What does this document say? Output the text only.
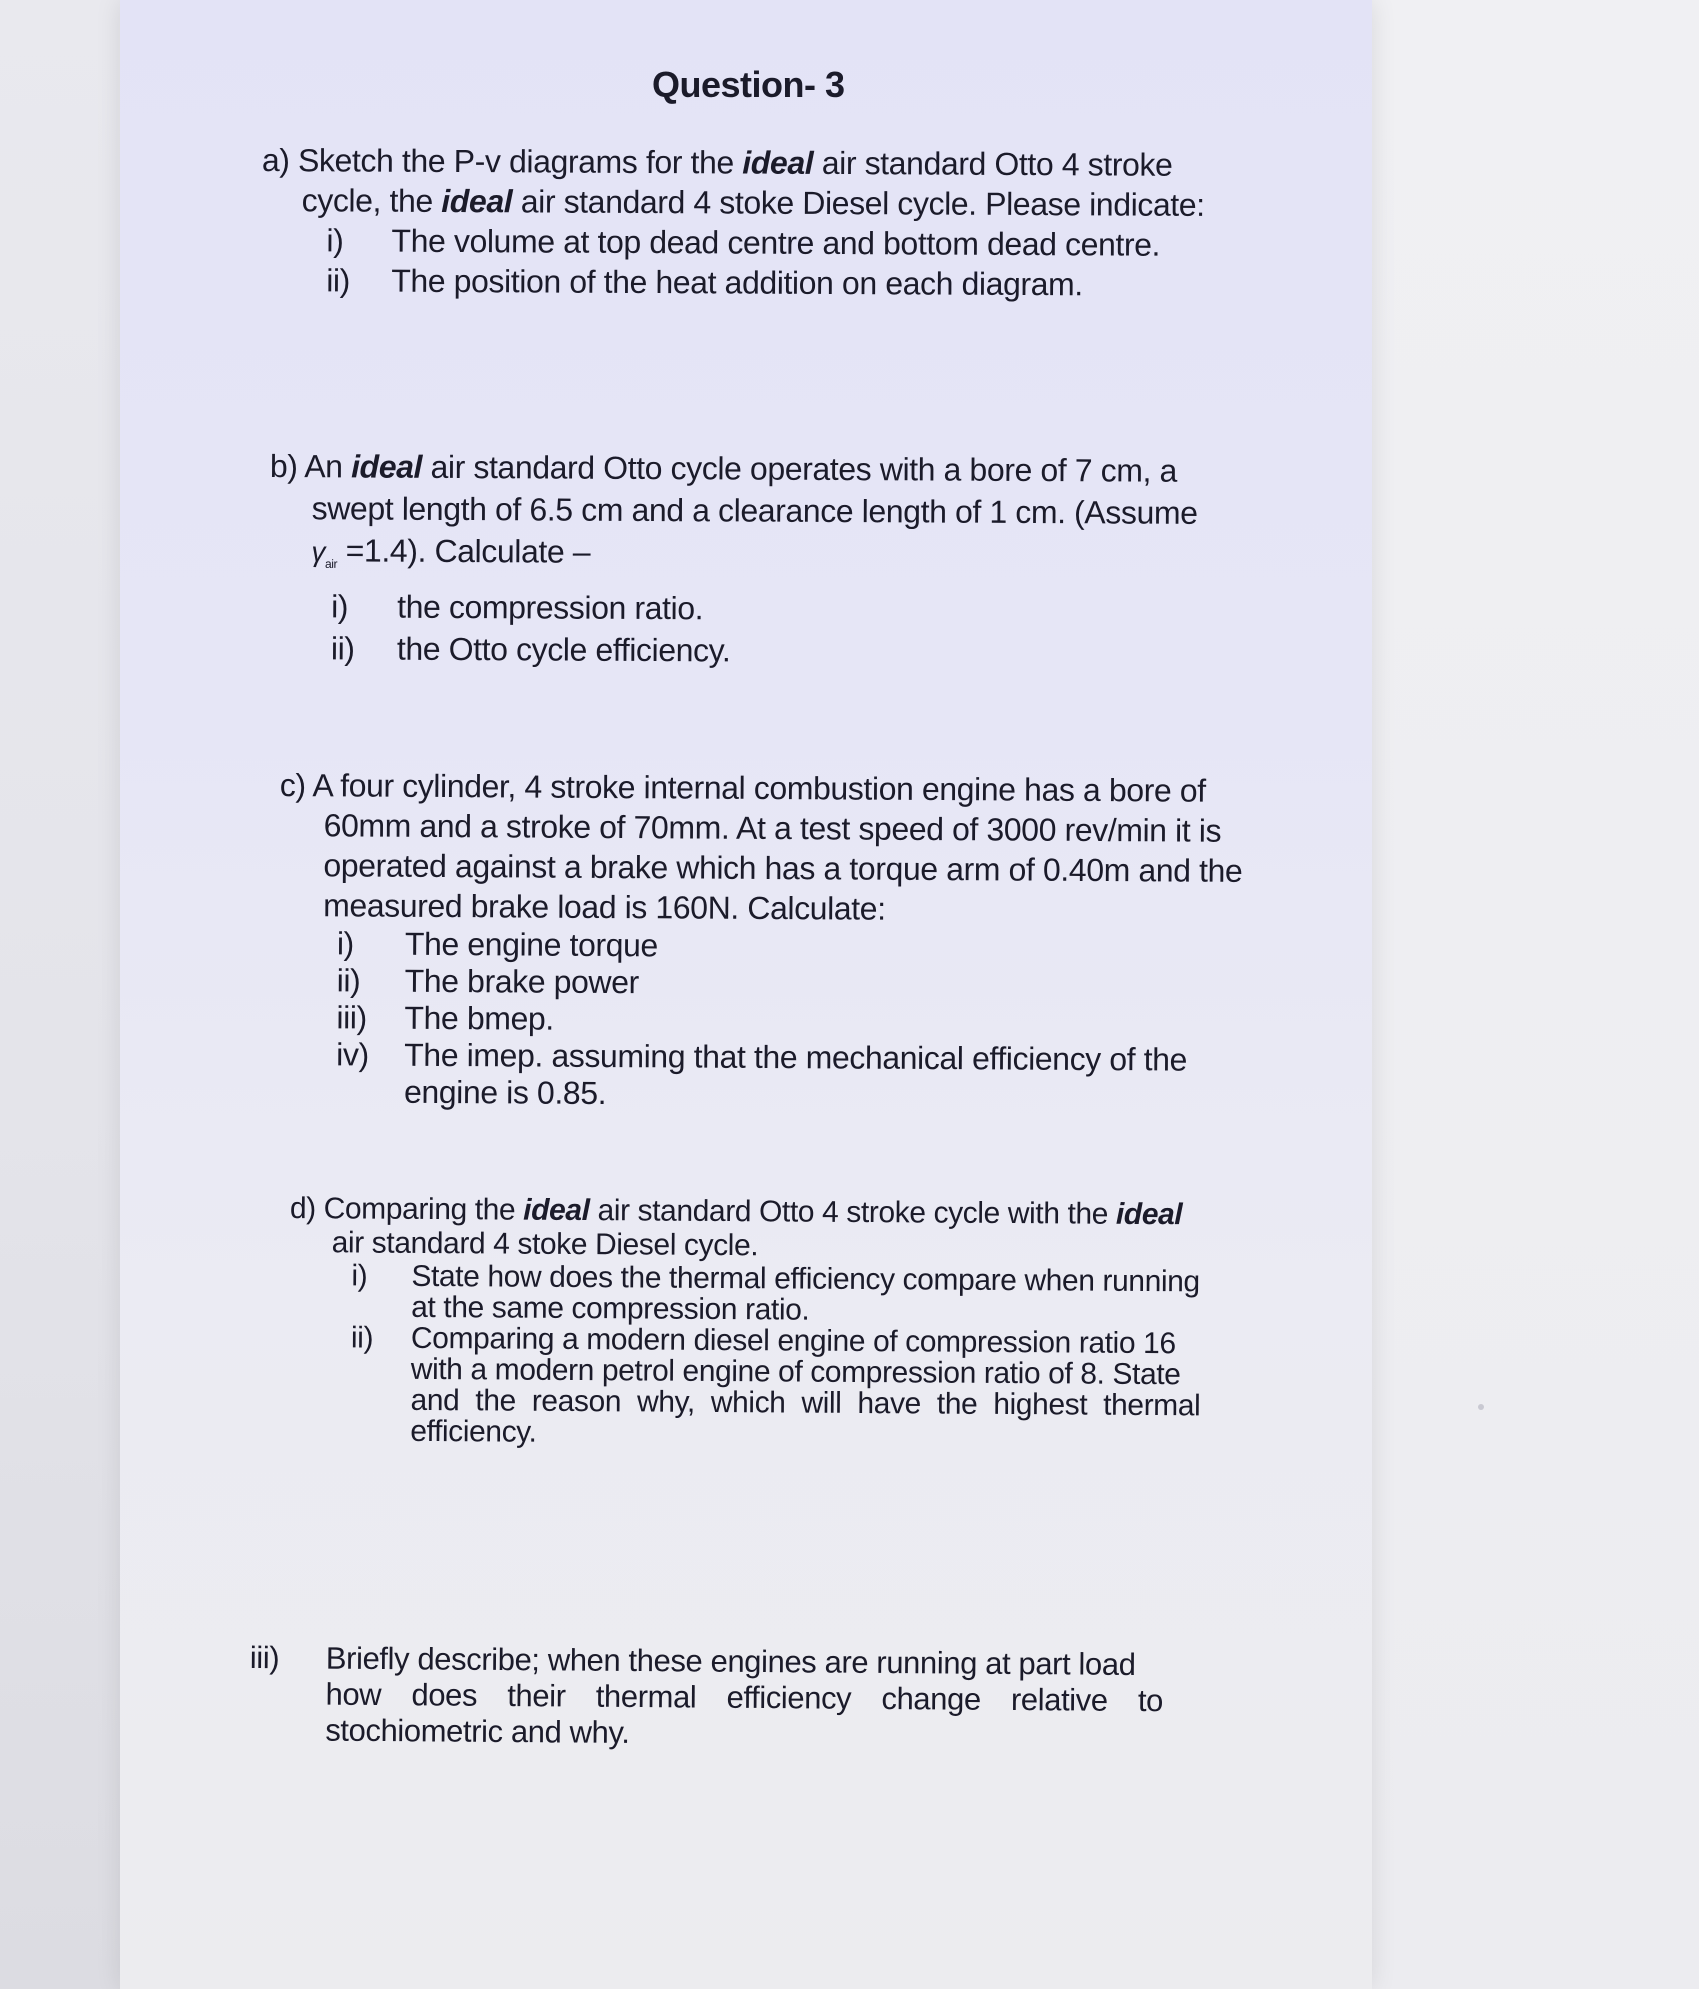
Question- 3
a) Sketch the P-v diagrams for the ideal air standard Otto 4 stroke
cycle, the ideal air standard 4 stoke Diesel cycle. Please indicate:
i)	The volume at top dead centre and bottom dead centre.
ii)	The position of the heat addition on each diagram.
b) An ideal air standard Otto cycle operates with a bore of 7 cm, a
swept length of 6.5 cm and a clearance length of 1 cm. (Assume
$\gamma_{air} =1.4$). Calculate –
i)	the compression ratio.
ii)	the Otto cycle efficiency.
c) A four cylinder, 4 stroke internal combustion engine has a bore of
60mm and a stroke of 70mm. At a test speed of 3000 rev/min it is
operated against a brake which has a torque arm of 0.40m and the
measured brake load is 160N. Calculate:
i)	The engine torque
ii)	The brake power
iii)	The bmep.
iv)	The imep. assuming that the mechanical efficiency of the
engine is 0.85.
d) Comparing the ideal air standard Otto 4 stroke cycle with the ideal
air standard 4 stoke Diesel cycle.
i)	State how does the thermal efficiency compare when running
at the same compression ratio.
ii)	Comparing a modern diesel engine of compression ratio 16
with a modern petrol engine of compression ratio of 8. State
and the reason why, which will have the highest thermal
efficiency.
iii)	Briefly describe; when these engines are running at part load
how does their thermal efficiency change relative to
stochiometric and why.
